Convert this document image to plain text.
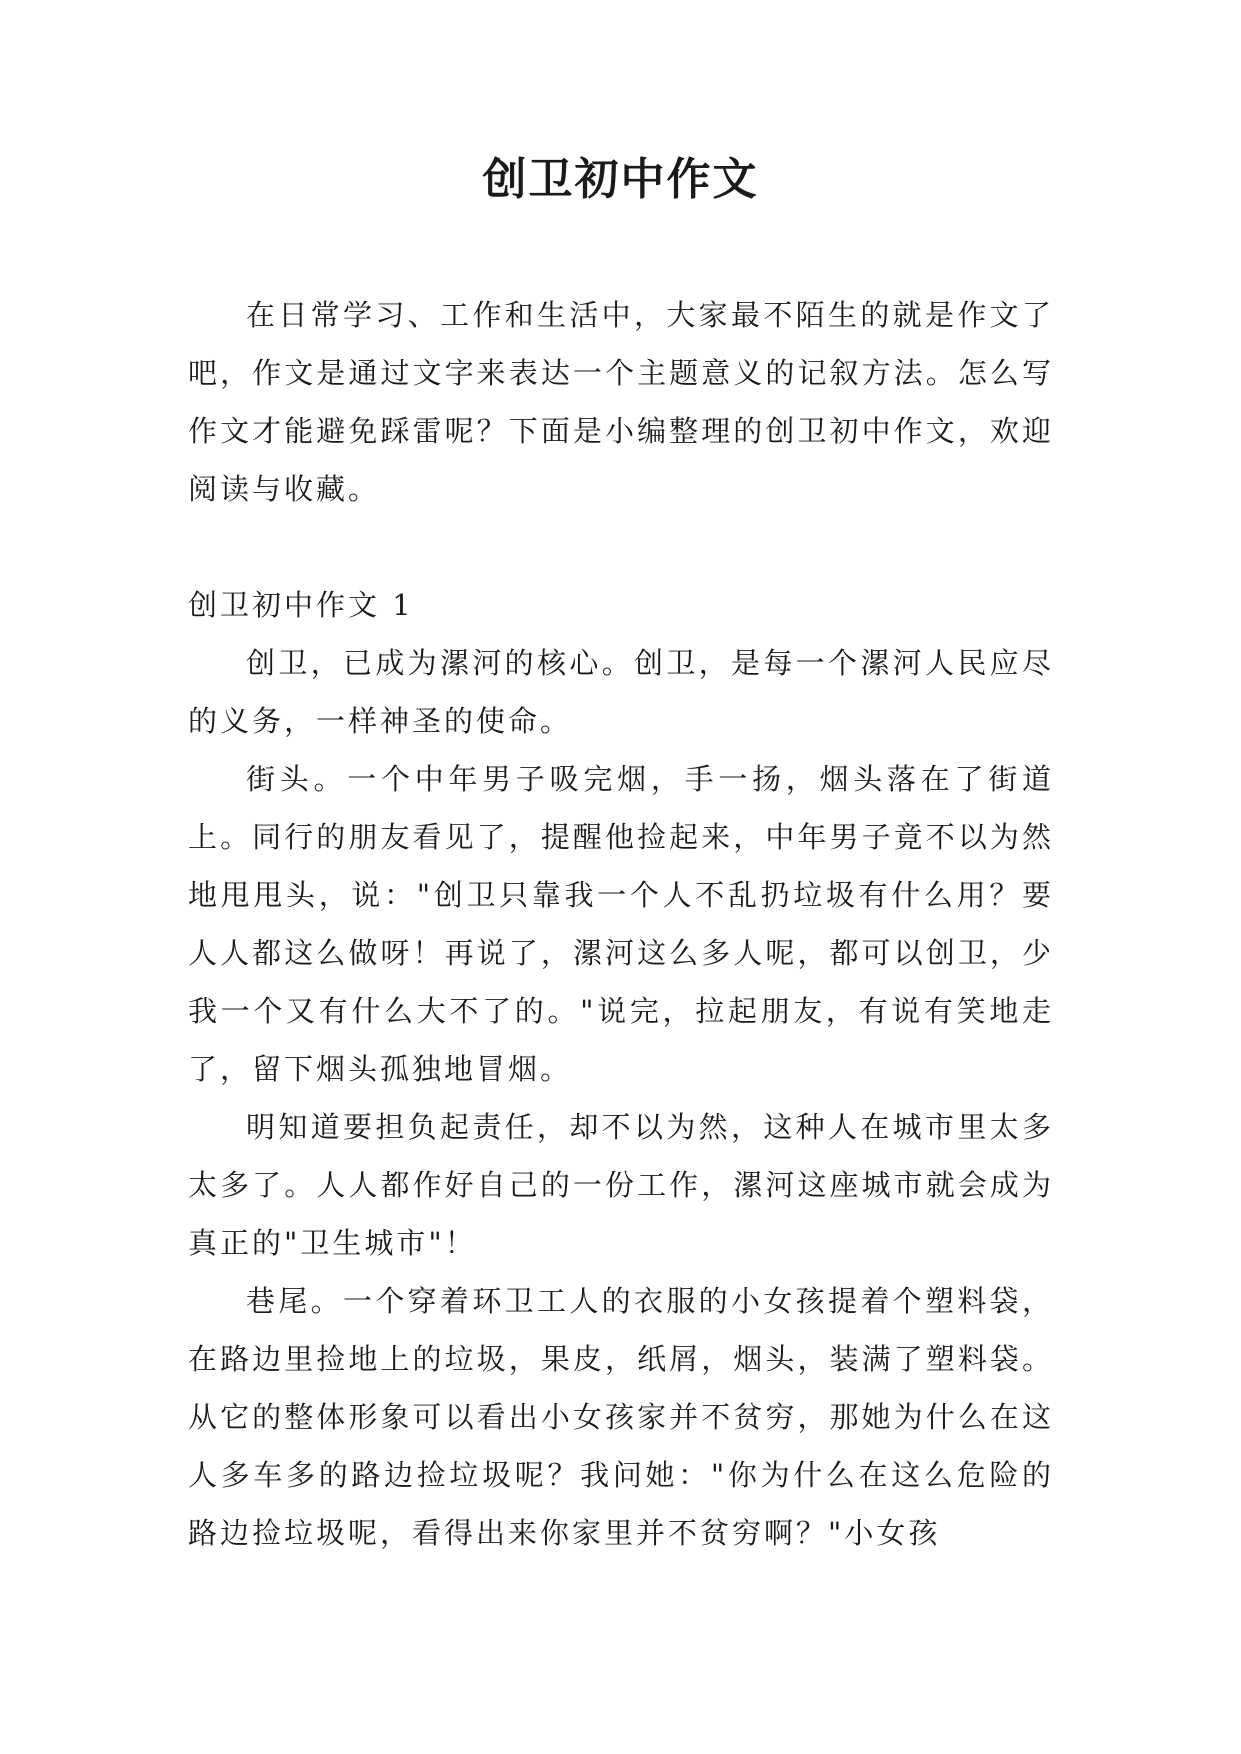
创卫初中作文

在日常学习、工作和生活中，大家最不陌生的就是作文了吧，作文是通过文字来表达一个主题意义的记叙方法。怎么写作文才能避免踩雷呢？下面是小编整理的创卫初中作文，欢迎阅读与收藏。

创卫初中作文 1

创卫，已成为漯河的核心。创卫，是每一个漯河人民应尽的义务，一样神圣的使命。

街头。一个中年男子吸完烟，手一扬，烟头落在了街道上。同行的朋友看见了，提醒他捡起来，中年男子竟不以为然地甩甩头，说："创卫只靠我一个人不乱扔垃圾有什么用？要人人都这么做呀！再说了，漯河这么多人呢，都可以创卫，少我一个又有什么大不了的。"说完，拉起朋友，有说有笑地走了，留下烟头孤独地冒烟。

明知道要担负起责任，却不以为然，这种人在城市里太多太多了。人人都作好自己的一份工作，漯河这座城市就会成为真正的"卫生城市"！

巷尾。一个穿着环卫工人的衣服的小女孩提着个塑料袋，在路边里捡地上的垃圾，果皮，纸屑，烟头，装满了塑料袋。从它的整体形象可以看出小女孩家并不贫穷，那她为什么在这人多车多的路边捡垃圾呢？我问她："你为什么在这么危险的路边捡垃圾呢，看得出来你家里并不贫穷啊？"小女孩
